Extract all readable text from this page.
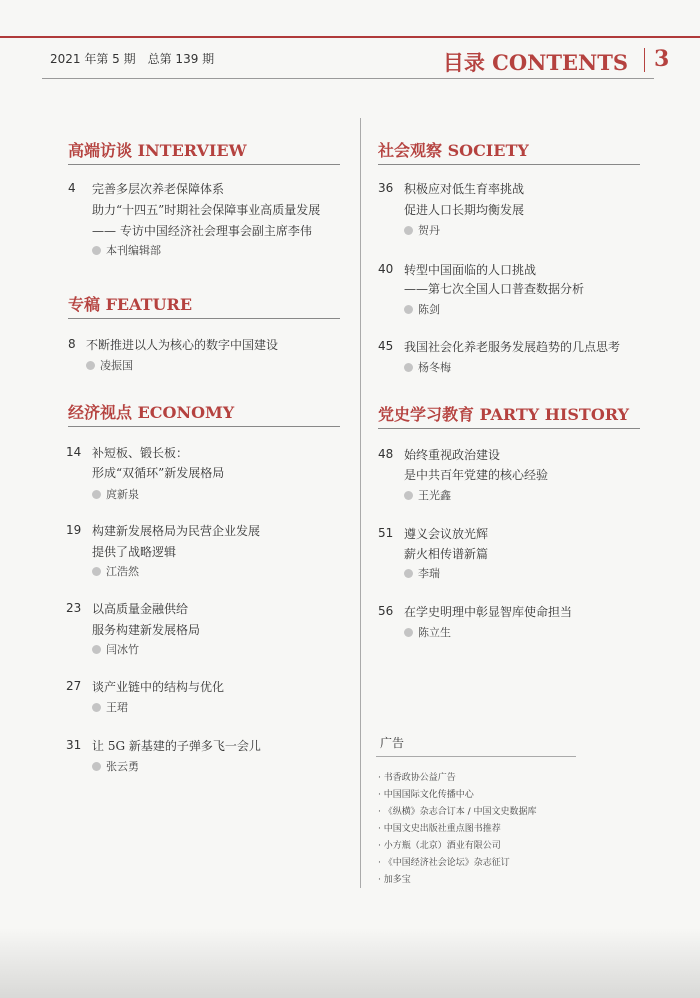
2021 年第 5 期　总第 139 期	目录 CONTENTS 3
高端访谈 INTERVIEW
4 完善多层次养老保障体系
助力“十四五”时期社会保障事业高质量发展
—— 专访中国经济社会理事会副主席李伟
本刊编辑部
专稿 FEATURE
8 不断推进以人为核心的数字中国建设
凌振国
经济视点 ECONOMY
14 补短板、锻长板：
形成“双循环”新发展格局
庹新泉
19 构建新发展格局为民营企业发展
提供了战略逻辑
江浩然
23 以高质量金融供给
服务构建新发展格局
闫冰竹
27 谈产业链中的结构与优化
王珺
31 让 5G 新基建的子弹多飞一会儿
张云勇
社会观察 SOCIETY
36 积极应对低生育率挑战
促进人口长期均衡发展
贺丹
40 转型中国面临的人口挑战
——第七次全国人口普查数据分析
陈剑
45 我国社会化养老服务发展趋势的几点思考
杨冬梅
党史学习教育 PARTY HISTORY
48 始终重视政治建设
是中共百年党建的核心经验
王光鑫
51 遵义会议放光辉
薪火相传谱新篇
李瑞
56 在学史明理中彰显智库使命担当
陈立生
广告
· 书香政协公益广告
· 中国国际文化传播中心
· 《纵横》杂志合订本 / 中国文史数据库
· 中国文史出版社重点图书推荐
· 小方瓶（北京）酒业有限公司
· 《中国经济社会论坛》杂志征订
· 加多宝
